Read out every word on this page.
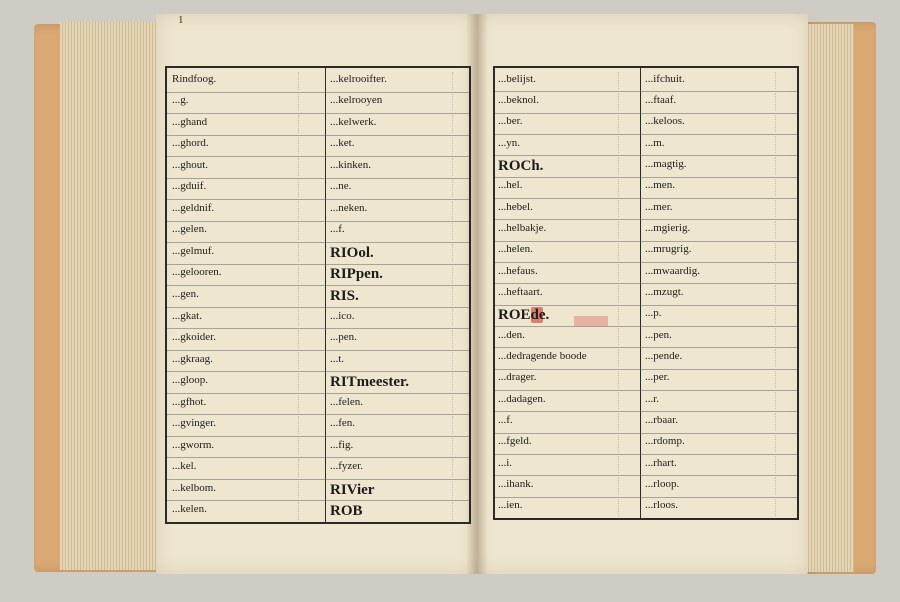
1
Rindfoog.
...g.
...ghand
...ghord.
...ghout.
...gduif.
...geldnif.
...gelen.
...gelmuf.
...gelooren.
...gen.
...gkat.
...gkoider.
...gkraag.
...gloop.
...gfhot.
...gvinger.
...gworm.
...kel.
...kelbom.
...kelen.
...kelrooifter.
...kelrooyen
...kelwerk.
...ket.
...kinken.
...ne.
...neken.
...f.
RIOol.
RIPpen.
RIS.
...ico.
...pen.
...t.
RITmeester.
...felen.
...fen.
...fig.
...fyzer.
RIVier
ROB
...belijst.
...beknol.
...ber.
...yn.
ROCh.
...hel.
...hebel.
...helbakje.
...helen.
...hefaus.
...heftaart.
ROEde.
...den.
...dedragende boode
...drager.
...dadagen.
...f.
...fgeld.
...i.
...ihank.
...ien.
...ifchuit.
...ftaaf.
...keloos.
...m.
...magtig.
...men.
...mer.
...mgierig.
...mrugrig.
...mwaardig.
...mzugt.
...p.
...pen.
...pende.
...per.
...r.
...rbaar.
...rdomp.
...rhart.
...rloop.
...rloos.
